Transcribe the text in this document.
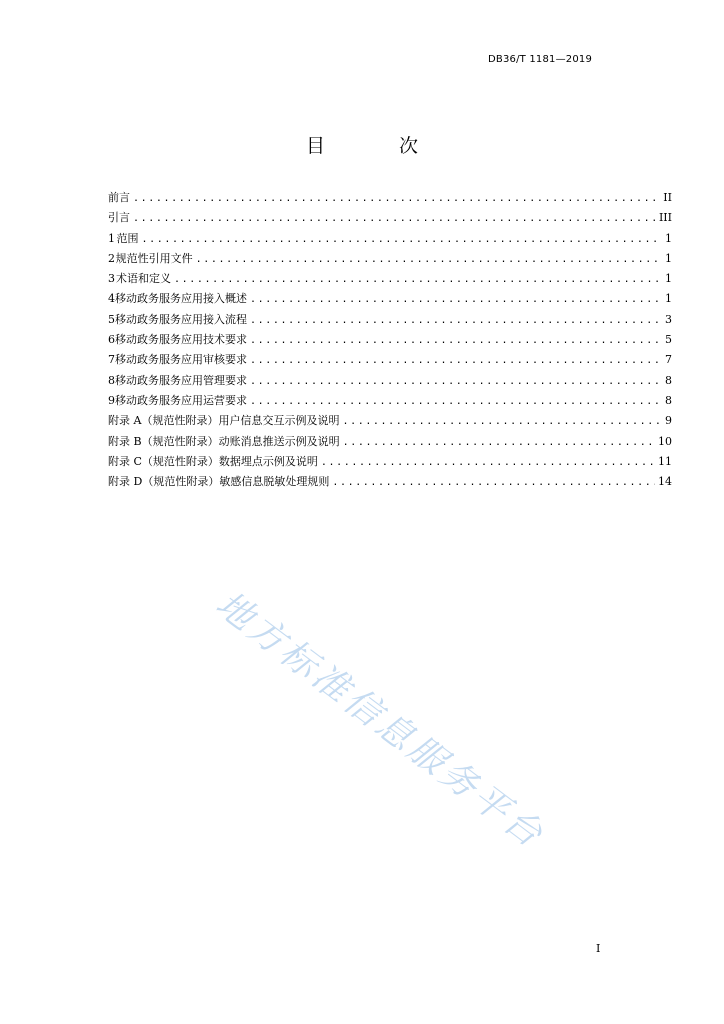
DB36/T 1181—2019
目 次
前言 .....	II
引言 .....	III
1 范围 .....	1
2 规范性引用文件 .....	1
3 术语和定义 .....	1
4 移动政务服务应用接入概述 .....	1
5 移动政务服务应用接入流程 .....	3
6 移动政务服务应用技术要求 .....	5
7 移动政务服务应用审核要求 .....	7
8 移动政务服务应用管理要求 .....	8
9 移动政务服务应用运营要求 .....	8
附录 A（规范性附录） 用户信息交互示例及说明 .....	9
附录 B（规范性附录） 动账消息推送示例及说明 .....	10
附录 C（规范性附录） 数据埋点示例及说明 .....	11
附录 D（规范性附录） 敏感信息脱敏处理规则 .....	14
地方标准信息服务平台
I
